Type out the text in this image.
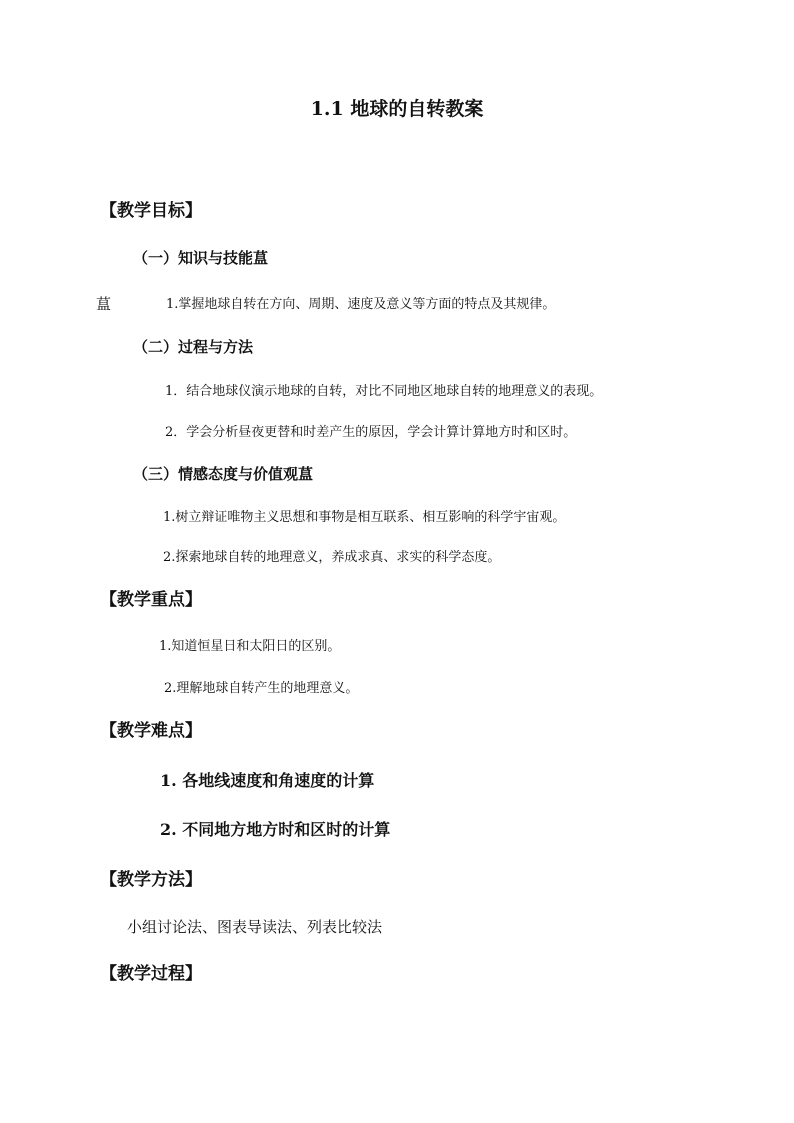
1.1 地球的自转教案
【教学目标】
（一）知识与技能蒀
蒀	1.掌握地球自转在方向、周期、速度及意义等方面的特点及其规律。
（二）过程与方法
1．结合地球仪演示地球的自转，对比不同地区地球自转的地理意义的表现。
2．学会分析昼夜更替和时差产生的原因，学会计算计算地方时和区时。
（三）情感态度与价值观蒀
1.树立辩证唯物主义思想和事物是相互联系、相互影响的科学宇宙观。
2.探索地球自转的地理意义，养成求真、求实的科学态度。
【教学重点】
1.知道恒星日和太阳日的区别。
2.理解地球自转产生的地理意义。
【教学难点】
1. 各地线速度和角速度的计算
2. 不同地方地方时和区时的计算
【教学方法】
小组讨论法、图表导读法、列表比较法
【教学过程】
